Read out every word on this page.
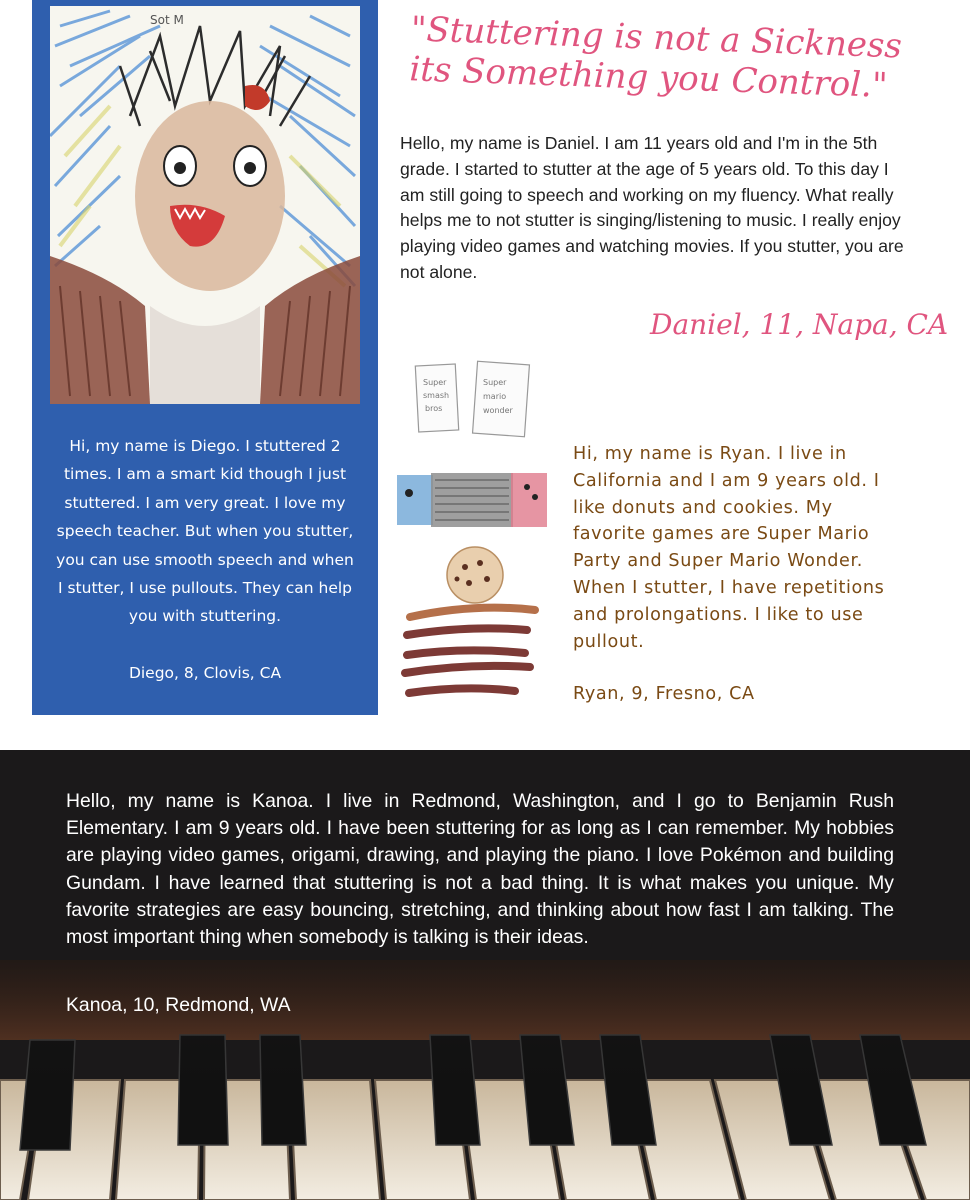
Sot M

Hi, my name is Diego. I stuttered 2 times. I am a smart kid though I just stuttered. I am very great. I love my speech teacher. But when you stutter, you can use smooth speech and when I stutter, I use pullouts. They can help you with stuttering.

Diego, 8, Clovis, CA

"Stuttering is not a Sickness its Something you Control."

Hello, my name is Daniel. I am 11 years old and I'm in the 5th grade. I started to stutter at the age of 5 years old. To this day I am still going to speech and working on my fluency. What really helps me to not stutter is singing/listening to music. I really enjoy playing video games and watching movies. If you stutter, you are not alone.

Daniel, 11, Napa, CA
Super
smash
bros
Super
mario
wonder

Hi, my name is Ryan. I live in California and I am 9 years old. I like donuts and cookies. My favorite games are Super Mario Party and Super Mario Wonder. When I stutter, I have repetitions and prolongations. I like to use pullout.

Ryan, 9, Fresno, CA

Hello, my name is Kanoa. I live in Redmond, Washington, and I go to Benjamin Rush Elementary. I am 9 years old. I have been stuttering for as long as I can remember. My hobbies are playing video games, origami, drawing, and playing the piano. I love Pokémon and building Gundam. I have learned that stuttering is not a bad thing. It is what makes you unique. My favorite strategies are easy bouncing, stretching, and thinking about how fast I am talking. The most important thing when somebody is talking is their ideas.

Kanoa, 10, Redmond, WA
